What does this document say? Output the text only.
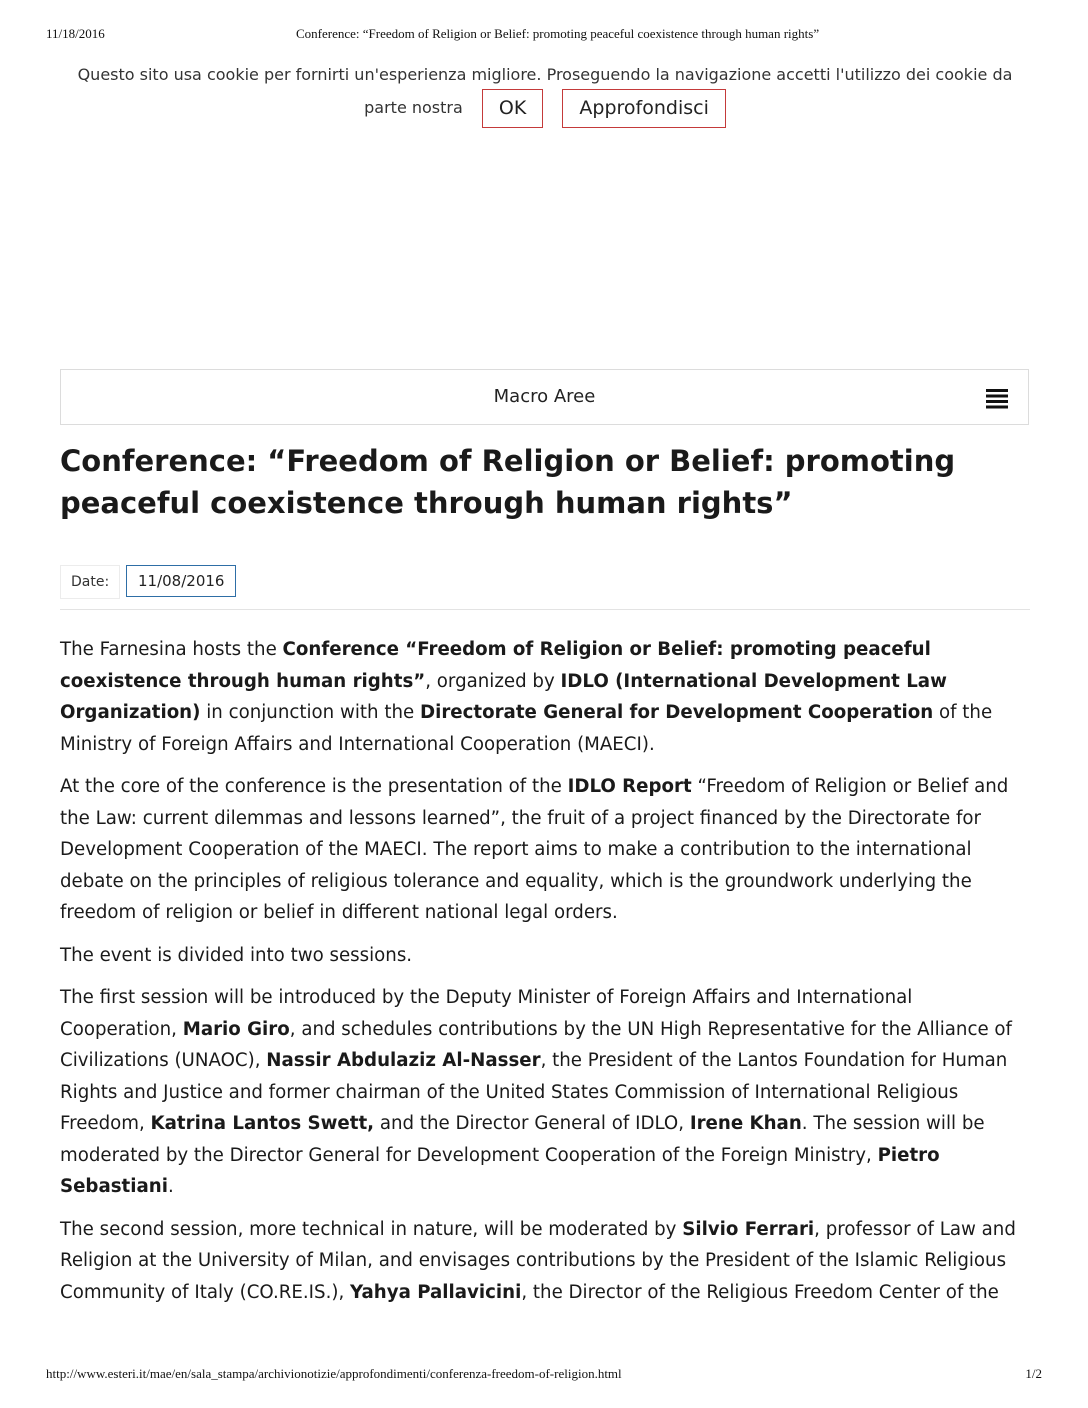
11/18/2016	Conference: “Freedom of Religion or Belief: promoting peaceful coexistence through human rights”
Questo sito usa cookie per fornirti un'esperienza migliore. Proseguendo la navigazione accetti l'utilizzo dei cookie da
parte nostra OK	Approfondisci
Macro Aree
Conference: “Freedom of Religion or Belief: promoting peaceful coexistence through human rights”
Date:	11/08/2016

The Farnesina hosts the Conference “Freedom of Religion or Belief: promoting peaceful coexistence through human rights”, organized by IDLO (International Development Law Organization) in conjunction with the Directorate General for Development Cooperation of the Ministry of Foreign Affairs and International Cooperation (MAECI).

At the core of the conference is the presentation of the IDLO Report “Freedom of Religion or Belief and the Law: current dilemmas and lessons learned”, the fruit of a project financed by the Directorate for Development Cooperation of the MAECI. The report aims to make a contribution to the international debate on the principles of religious tolerance and equality, which is the groundwork underlying the freedom of religion or belief in different national legal orders.

The event is divided into two sessions.

The first session will be introduced by the Deputy Minister of Foreign Affairs and International Cooperation, Mario Giro, and schedules contributions by the UN High Representative for the Alliance of Civilizations (UNAOC), Nassir Abdulaziz Al-Nasser, the President of the Lantos Foundation for Human Rights and Justice and former chairman of the United States Commission of International Religious Freedom, Katrina Lantos Swett, and the Director General of IDLO, Irene Khan. The session will be moderated by the Director General for Development Cooperation of the Foreign Ministry, Pietro Sebastiani.

The second session, more technical in nature, will be moderated by Silvio Ferrari, professor of Law and Religion at the University of Milan, and envisages contributions by the President of the Islamic Religious Community of Italy (CO.RE.IS.), Yahya Pallavicini, the Director of the Religious Freedom Center of the

http://www.esteri.it/mae/en/sala_stampa/archivionotizie/approfondimenti/conferenza-freedom-of-religion.html	1/2
